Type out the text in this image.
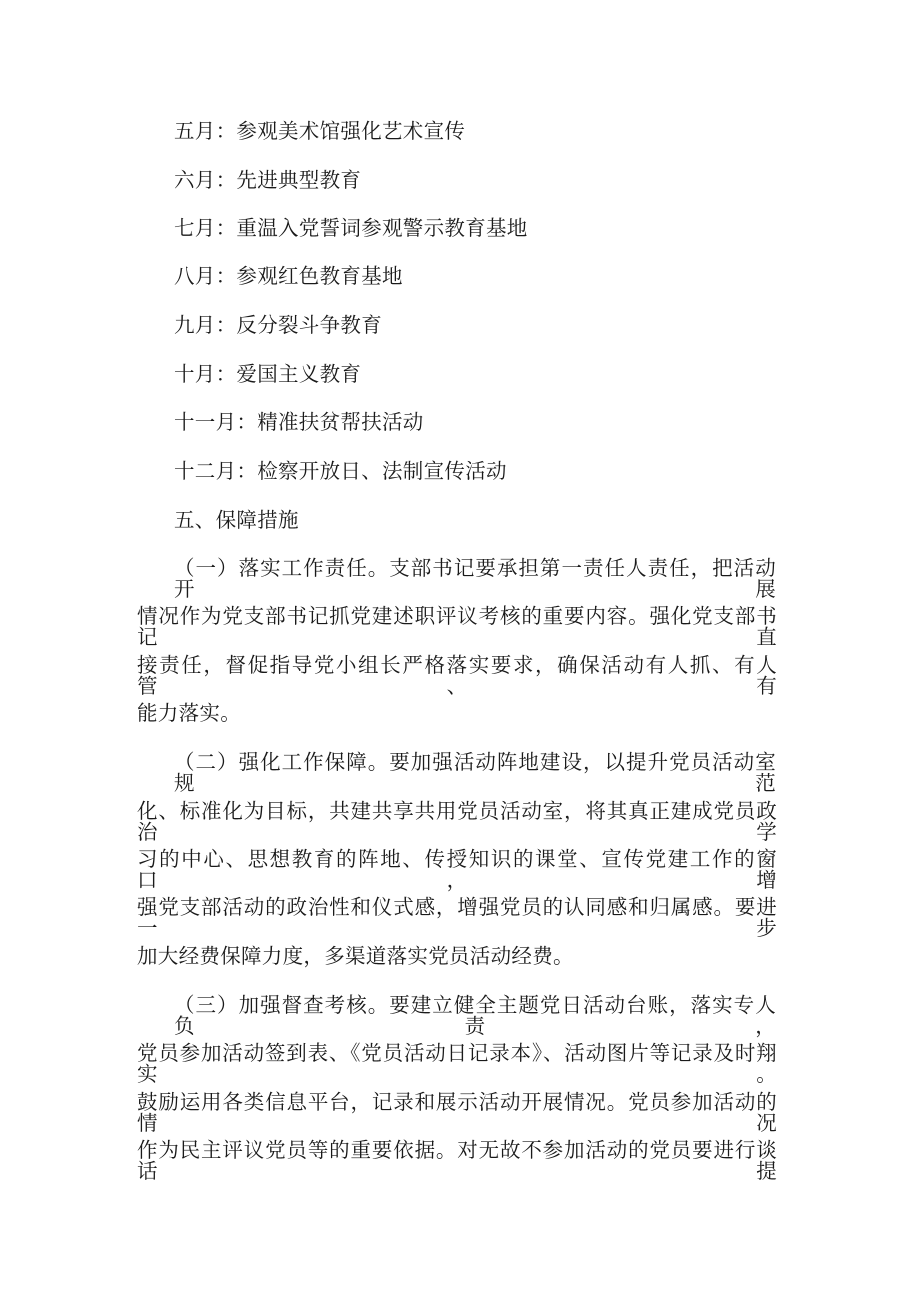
五月：参观美术馆强化艺术宣传
六月：先进典型教育
七月：重温入党誓词参观警示教育基地
八月：参观红色教育基地
九月：反分裂斗争教育
十月：爱国主义教育
十一月：精准扶贫帮扶活动
十二月：检察开放日、法制宣传活动
五、保障措施
（一）落实工作责任。支部书记要承担第一责任人责任，把活动开展
情况作为党支部书记抓党建述职评议考核的重要内容。强化党支部书记直
接责任，督促指导党小组长严格落实要求，确保活动有人抓、有人管、有
能力落实。
（二）强化工作保障。要加强活动阵地建设，以提升党员活动室规范
化、标准化为目标，共建共享共用党员活动室，将其真正建成党员政治学
习的中心、思想教育的阵地、传授知识的课堂、宣传党建工作的窗口，增
强党支部活动的政治性和仪式感，增强党员的认同感和归属感。要进一步
加大经费保障力度，多渠道落实党员活动经费。
（三）加强督查考核。要建立健全主题党日活动台账，落实专人负责，
党员参加活动签到表、《党员活动日记录本》、活动图片等记录及时翔实。
鼓励运用各类信息平台，记录和展示活动开展情况。党员参加活动的情况
作为民主评议党员等的重要依据。对无故不参加活动的党员要进行谈话提
